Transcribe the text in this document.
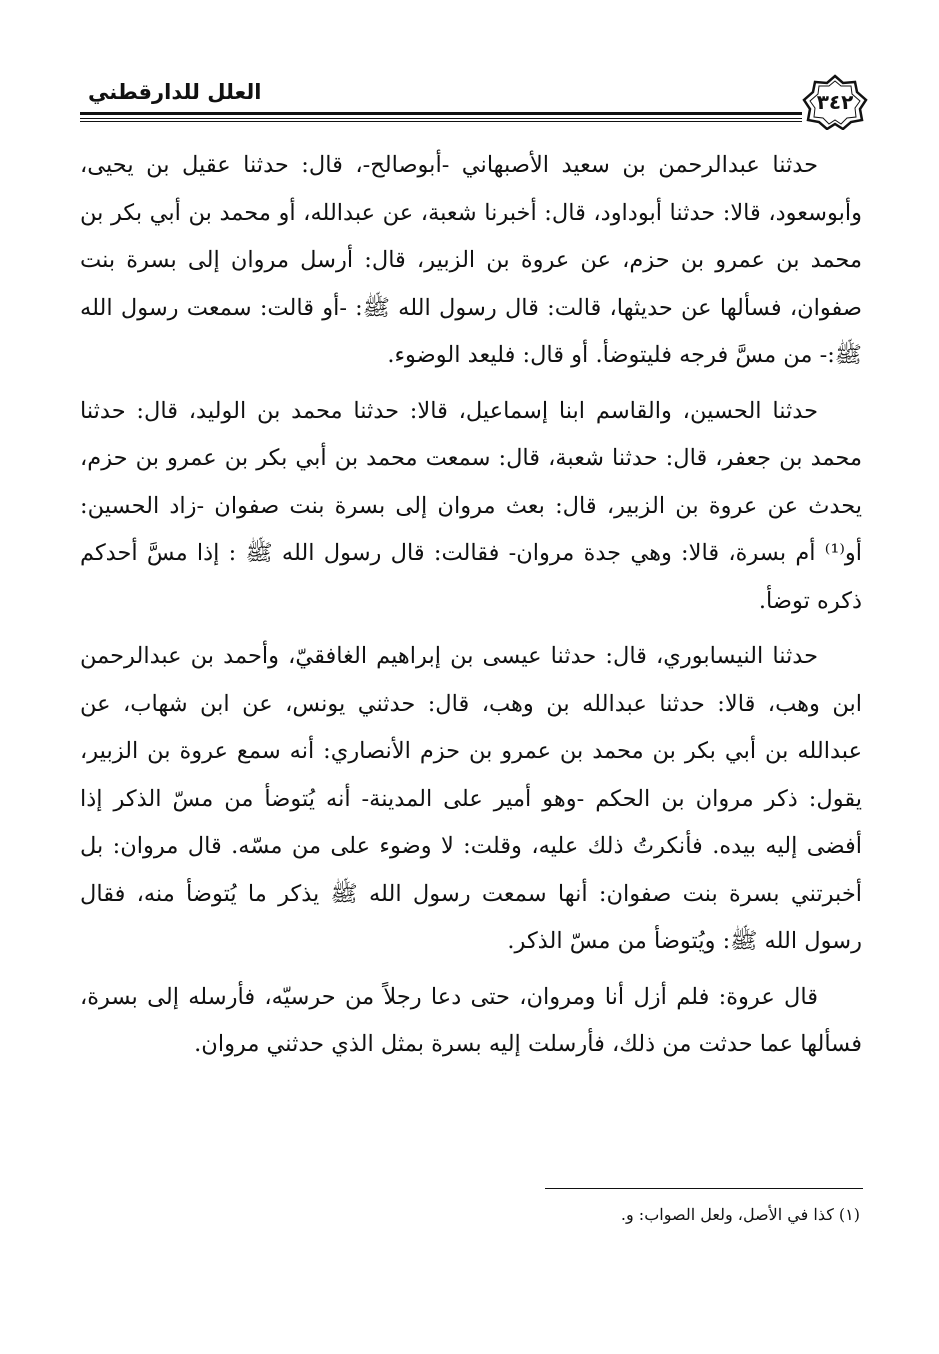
العلل للدارقطني	٣٤٢

حدثنا عبدالرحمن بن سعيد الأصبهاني -أبوصالح-، قال: حدثنا عقيل بن يحيى، وأبوسعود، قالا: حدثنا أبوداود، قال: أخبرنا شعبة، عن عبدالله، أو محمد بن أبي بكر بن محمد بن عمرو بن حزم، عن عروة بن الزبير، قال: أرسل مروان إلى بسرة بنت صفوان، فسألها عن حديثها، قالت: قال رسول الله ﷺ: -أو قالت: سمعت رسول الله ﷺ:- من مسَّ فرجه فليتوضأ. أو قال: فليعد الوضوء.

حدثنا الحسين، والقاسم ابنا إسماعيل، قالا: حدثنا محمد بن الوليد، قال: حدثنا محمد بن جعفر، قال: حدثنا شعبة، قال: سمعت محمد بن أبي بكر بن عمرو بن حزم، يحدث عن عروة بن الزبير، قال: بعث مروان إلى بسرة بنت صفوان -زاد الحسين: أو⁽¹⁾ أم بسرة، قالا: وهي جدة مروان- فقالت: قال رسول الله ﷺ : إذا مسَّ أحدكم ذكره توضأ.

حدثنا النيسابوري، قال: حدثنا عيسى بن إبراهيم الغافقيّ، وأحمد بن عبدالرحمن ابن وهب، قالا: حدثنا عبدالله بن وهب، قال: حدثني يونس، عن ابن شهاب، عن عبدالله بن أبي بكر بن محمد بن عمرو بن حزم الأنصاري: أنه سمع عروة بن الزبير، يقول: ذكر مروان بن الحكم -وهو أمير على المدينة- أنه يُتوضأ من مسّ الذكر إذا أفضى إليه بيده. فأنكرتُ ذلك عليه، وقلت: لا وضوء على من مسّه. قال مروان: بل أخبرتني بسرة بنت صفوان: أنها سمعت رسول الله ﷺ يذكر ما يُتوضأ منه، فقال رسول الله ﷺ: ويُتوضأ من مسّ الذكر.

قال عروة: فلم أزل أنا ومروان، حتى دعا رجلاً من حرسيّه، فأرسله إلى بسرة، فسألها عما حدثت من ذلك، فأرسلت إليه بسرة بمثل الذي حدثني مروان.

(١) كذا في الأصل، ولعل الصواب: و.
